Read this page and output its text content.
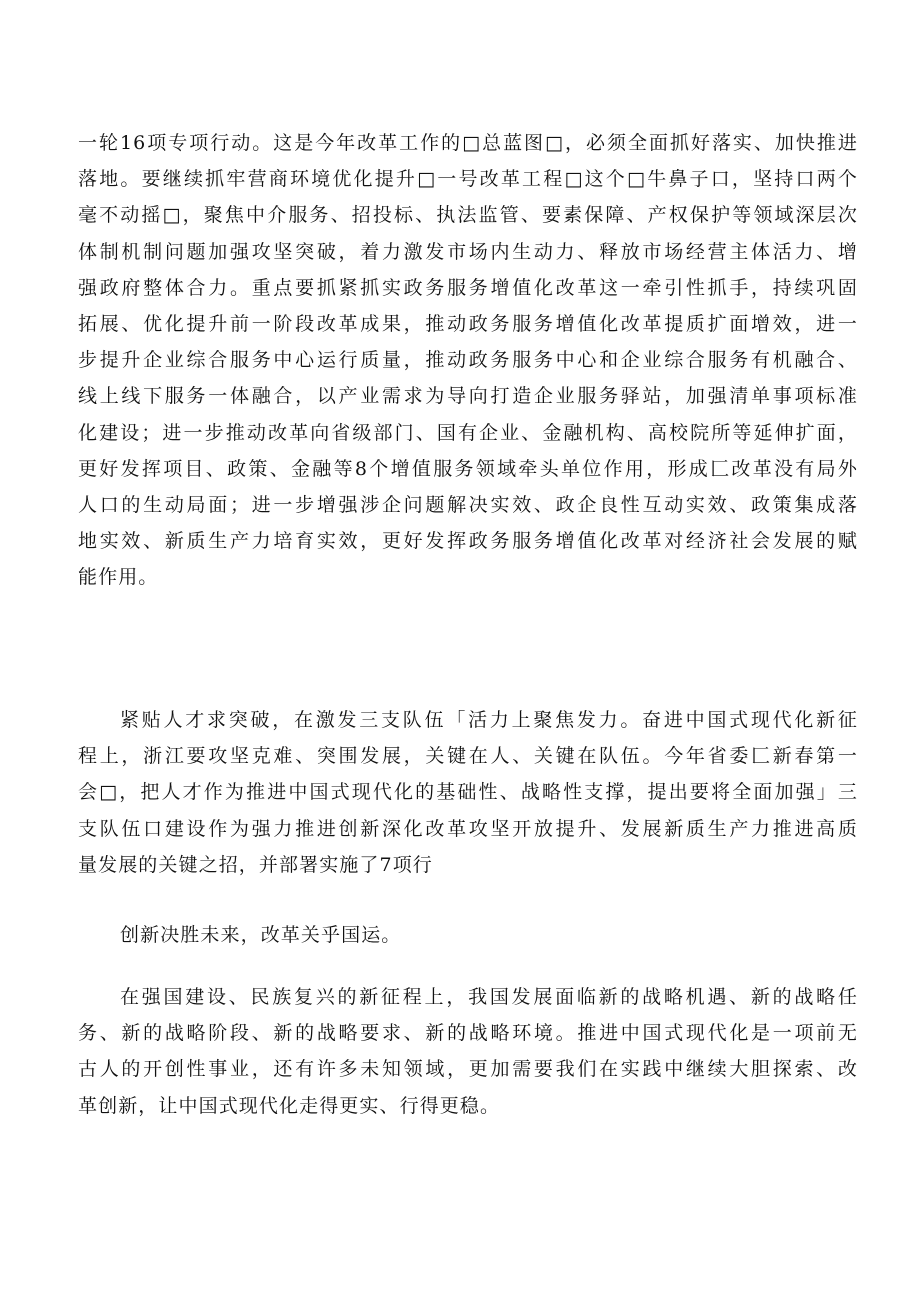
一轮16项专项行动。这是今年改革工作的□总蓝图□，必须全面抓好落实、加快推进
落地。要继续抓牢营商环境优化提升□一号改革工程□这个□牛鼻子口，坚持口两个
毫不动摇□，聚焦中介服务、招投标、执法监管、要素保障、产权保护等领域深层次
体制机制问题加强攻坚突破，着力激发市场内生动力、释放市场经营主体活力、增
强政府整体合力。重点要抓紧抓实政务服务增值化改革这一牵引性抓手，持续巩固
拓展、优化提升前一阶段改革成果，推动政务服务增值化改革提质扩面增效，进一
步提升企业综合服务中心运行质量，推动政务服务中心和企业综合服务有机融合、
线上线下服务一体融合，以产业需求为导向打造企业服务驿站，加强清单事项标准
化建设；进一步推动改革向省级部门、国有企业、金融机构、高校院所等延伸扩面，
更好发挥项目、政策、金融等8个增值服务领域牵头单位作用，形成匚改革没有局外
人口的生动局面；进一步增强涉企问题解决实效、政企良性互动实效、政策集成落
地实效、新质生产力培育实效，更好发挥政务服务增值化改革对经济社会发展的赋
能作用。
紧贴人才求突破，在激发三支队伍「活力上聚焦发力。奋进中国式现代化新征
程上，浙江要攻坚克难、突围发展，关键在人、关键在队伍。今年省委匚新春第一
会□，把人才作为推进中国式现代化的基础性、战略性支撑，提出要将全面加强」三
支队伍口建设作为强力推进创新深化改革攻坚开放提升、发展新质生产力推进高质
量发展的关键之招，并部署实施了7项行
创新决胜未来，改革关乎国运。
在强国建设、民族复兴的新征程上，我国发展面临新的战略机遇、新的战略任
务、新的战略阶段、新的战略要求、新的战略环境。推进中国式现代化是一项前无
古人的开创性事业，还有许多未知领域，更加需要我们在实践中继续大胆探索、改
革创新，让中国式现代化走得更实、行得更稳。
